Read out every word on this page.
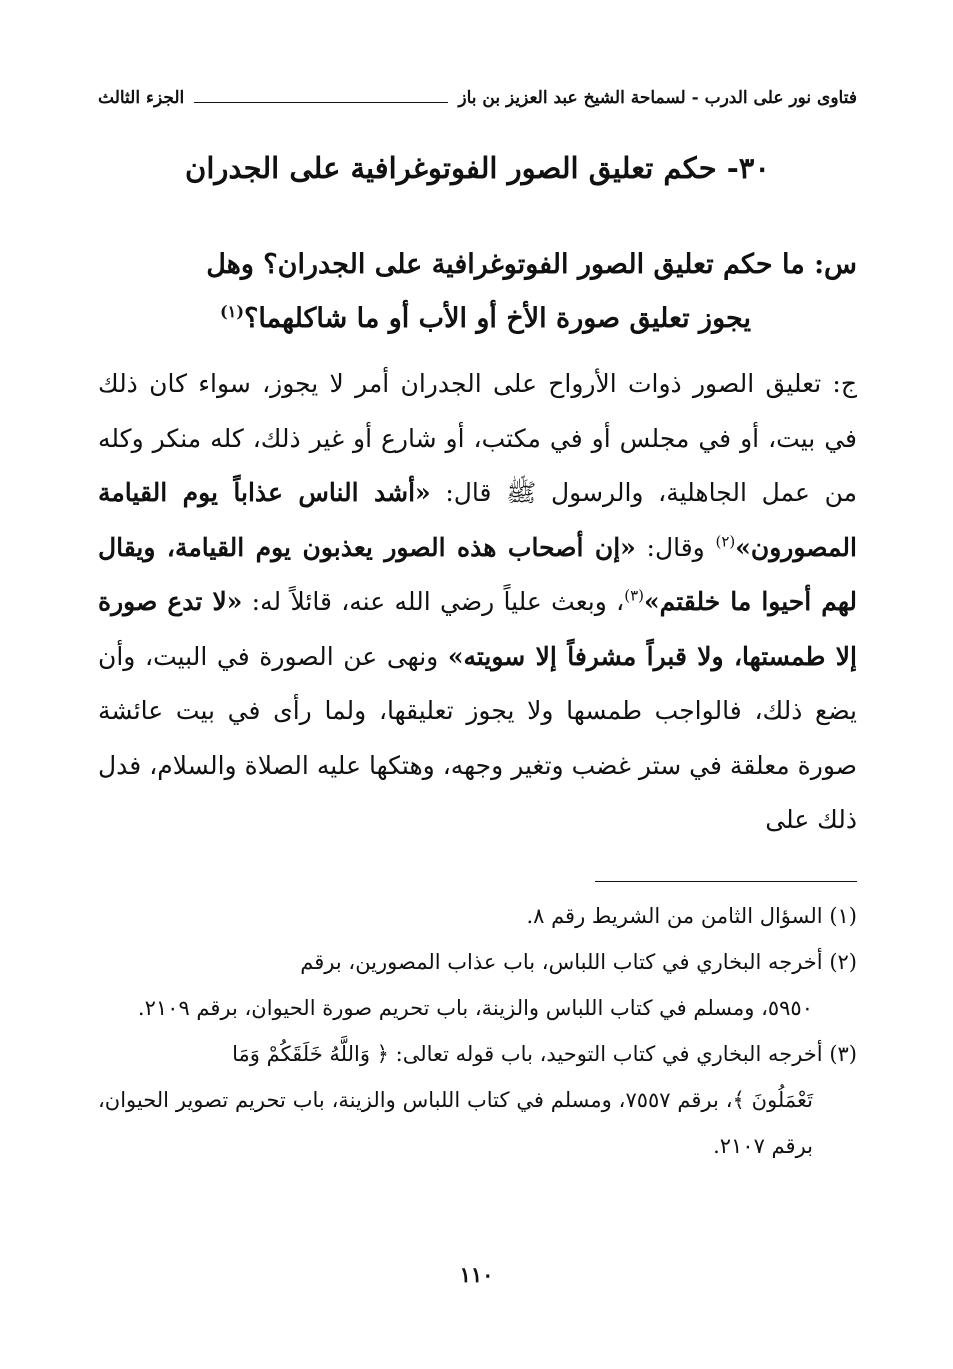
فتاوى نور على الدرب - لسماحة الشيخ عبد العزيز بن باز
الجزء الثالث
٣٠- حكم تعليق الصور الفوتوغرافية على الجدران
س: ما حكم تعليق الصور الفوتوغرافية على الجدران؟ وهل
يجوز تعليق صورة الأخ أو الأب أو ما شاكلهما؟$^{(١)}$
ج: تعليق الصور ذوات الأرواح على الجدران أمر لا يجوز، سواء كان ذلك في بيت، أو في مجلس أو في مكتب، أو شارع أو غير ذلك، كله منكر وكله من عمل الجاهلية، والرسول ﷺ قال: «أشد الناس عذاباً يوم القيامة المصورون»$^{(٢)}$ وقال: «إن أصحاب هذه الصور يعذبون يوم القيامة، ويقال لهم أحيوا ما خلقتم»$^{(٣)}$، وبعث علياً رضي الله عنه، قائلاً له: «لا تدع صورة إلا طمستها، ولا قبراً مشرفاً إلا سويته» ونهى عن الصورة في البيت، وأن يضع ذلك، فالواجب طمسها ولا يجوز تعليقها، ولما رأى في بيت عائشة صورة معلقة في ستر غضب وتغير وجهه، وهتكها عليه الصلاة والسلام، فدل ذلك على

(١) السؤال الثامن من الشريط رقم ٨.

(٢) أخرجه البخاري في كتاب اللباس، باب عذاب المصورين، برقم
٥٩٥٠، ومسلم في كتاب اللباس والزينة، باب تحريم صورة الحيوان، برقم ٢١٠٩.

(٣) أخرجه البخاري في كتاب التوحيد، باب قوله تعالى: ﴿ وَاللَّهُ خَلَقَكُمْ وَمَا
تَعْمَلُونَ ﴾، برقم ٧٥٥٧، ومسلم في كتاب اللباس والزينة، باب تحريم تصوير الحيوان، برقم ٢١٠٧.

١١٠
